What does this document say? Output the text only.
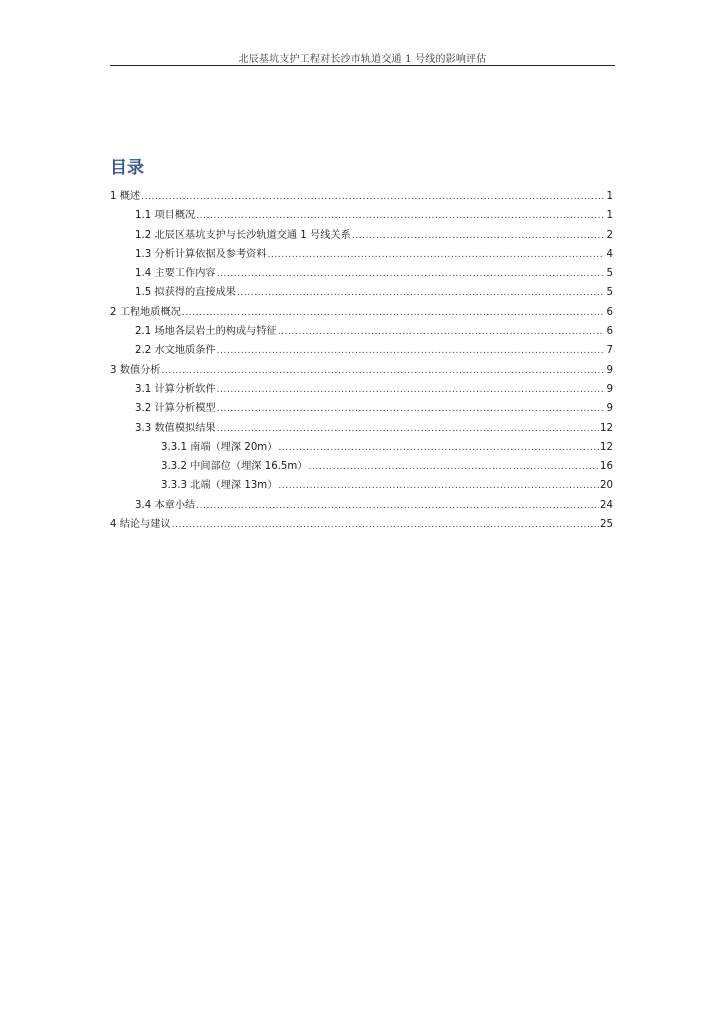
北辰基坑支护工程对长沙市轨道交通 1 号线的影响评估
目录
1 概述 .....	1
1.1 项目概况 .....	1
1.2 北辰区基坑支护与长沙轨道交通 1 号线关系 .....	2
1.3 分析计算依据及参考资料 .....	4
1.4 主要工作内容 .....	5
1.5 拟获得的直接成果 .....	5
2 工程地质概况 .....	6
2.1 场地各层岩土的构成与特征 .....	6
2.2 水文地质条件 .....	7
3 数值分析 .....	9
3.1 计算分析软件 .....	9
3.2 计算分析模型 .....	9
3.3 数值模拟结果 .....	12
3.3.1 南端（埋深 20m） .....	12
3.3.2 中间部位（埋深 16.5m） .....	16
3.3.3 北端（埋深 13m） .....	20
3.4 本章小结 .....	24
4 结论与建议 .....	25
